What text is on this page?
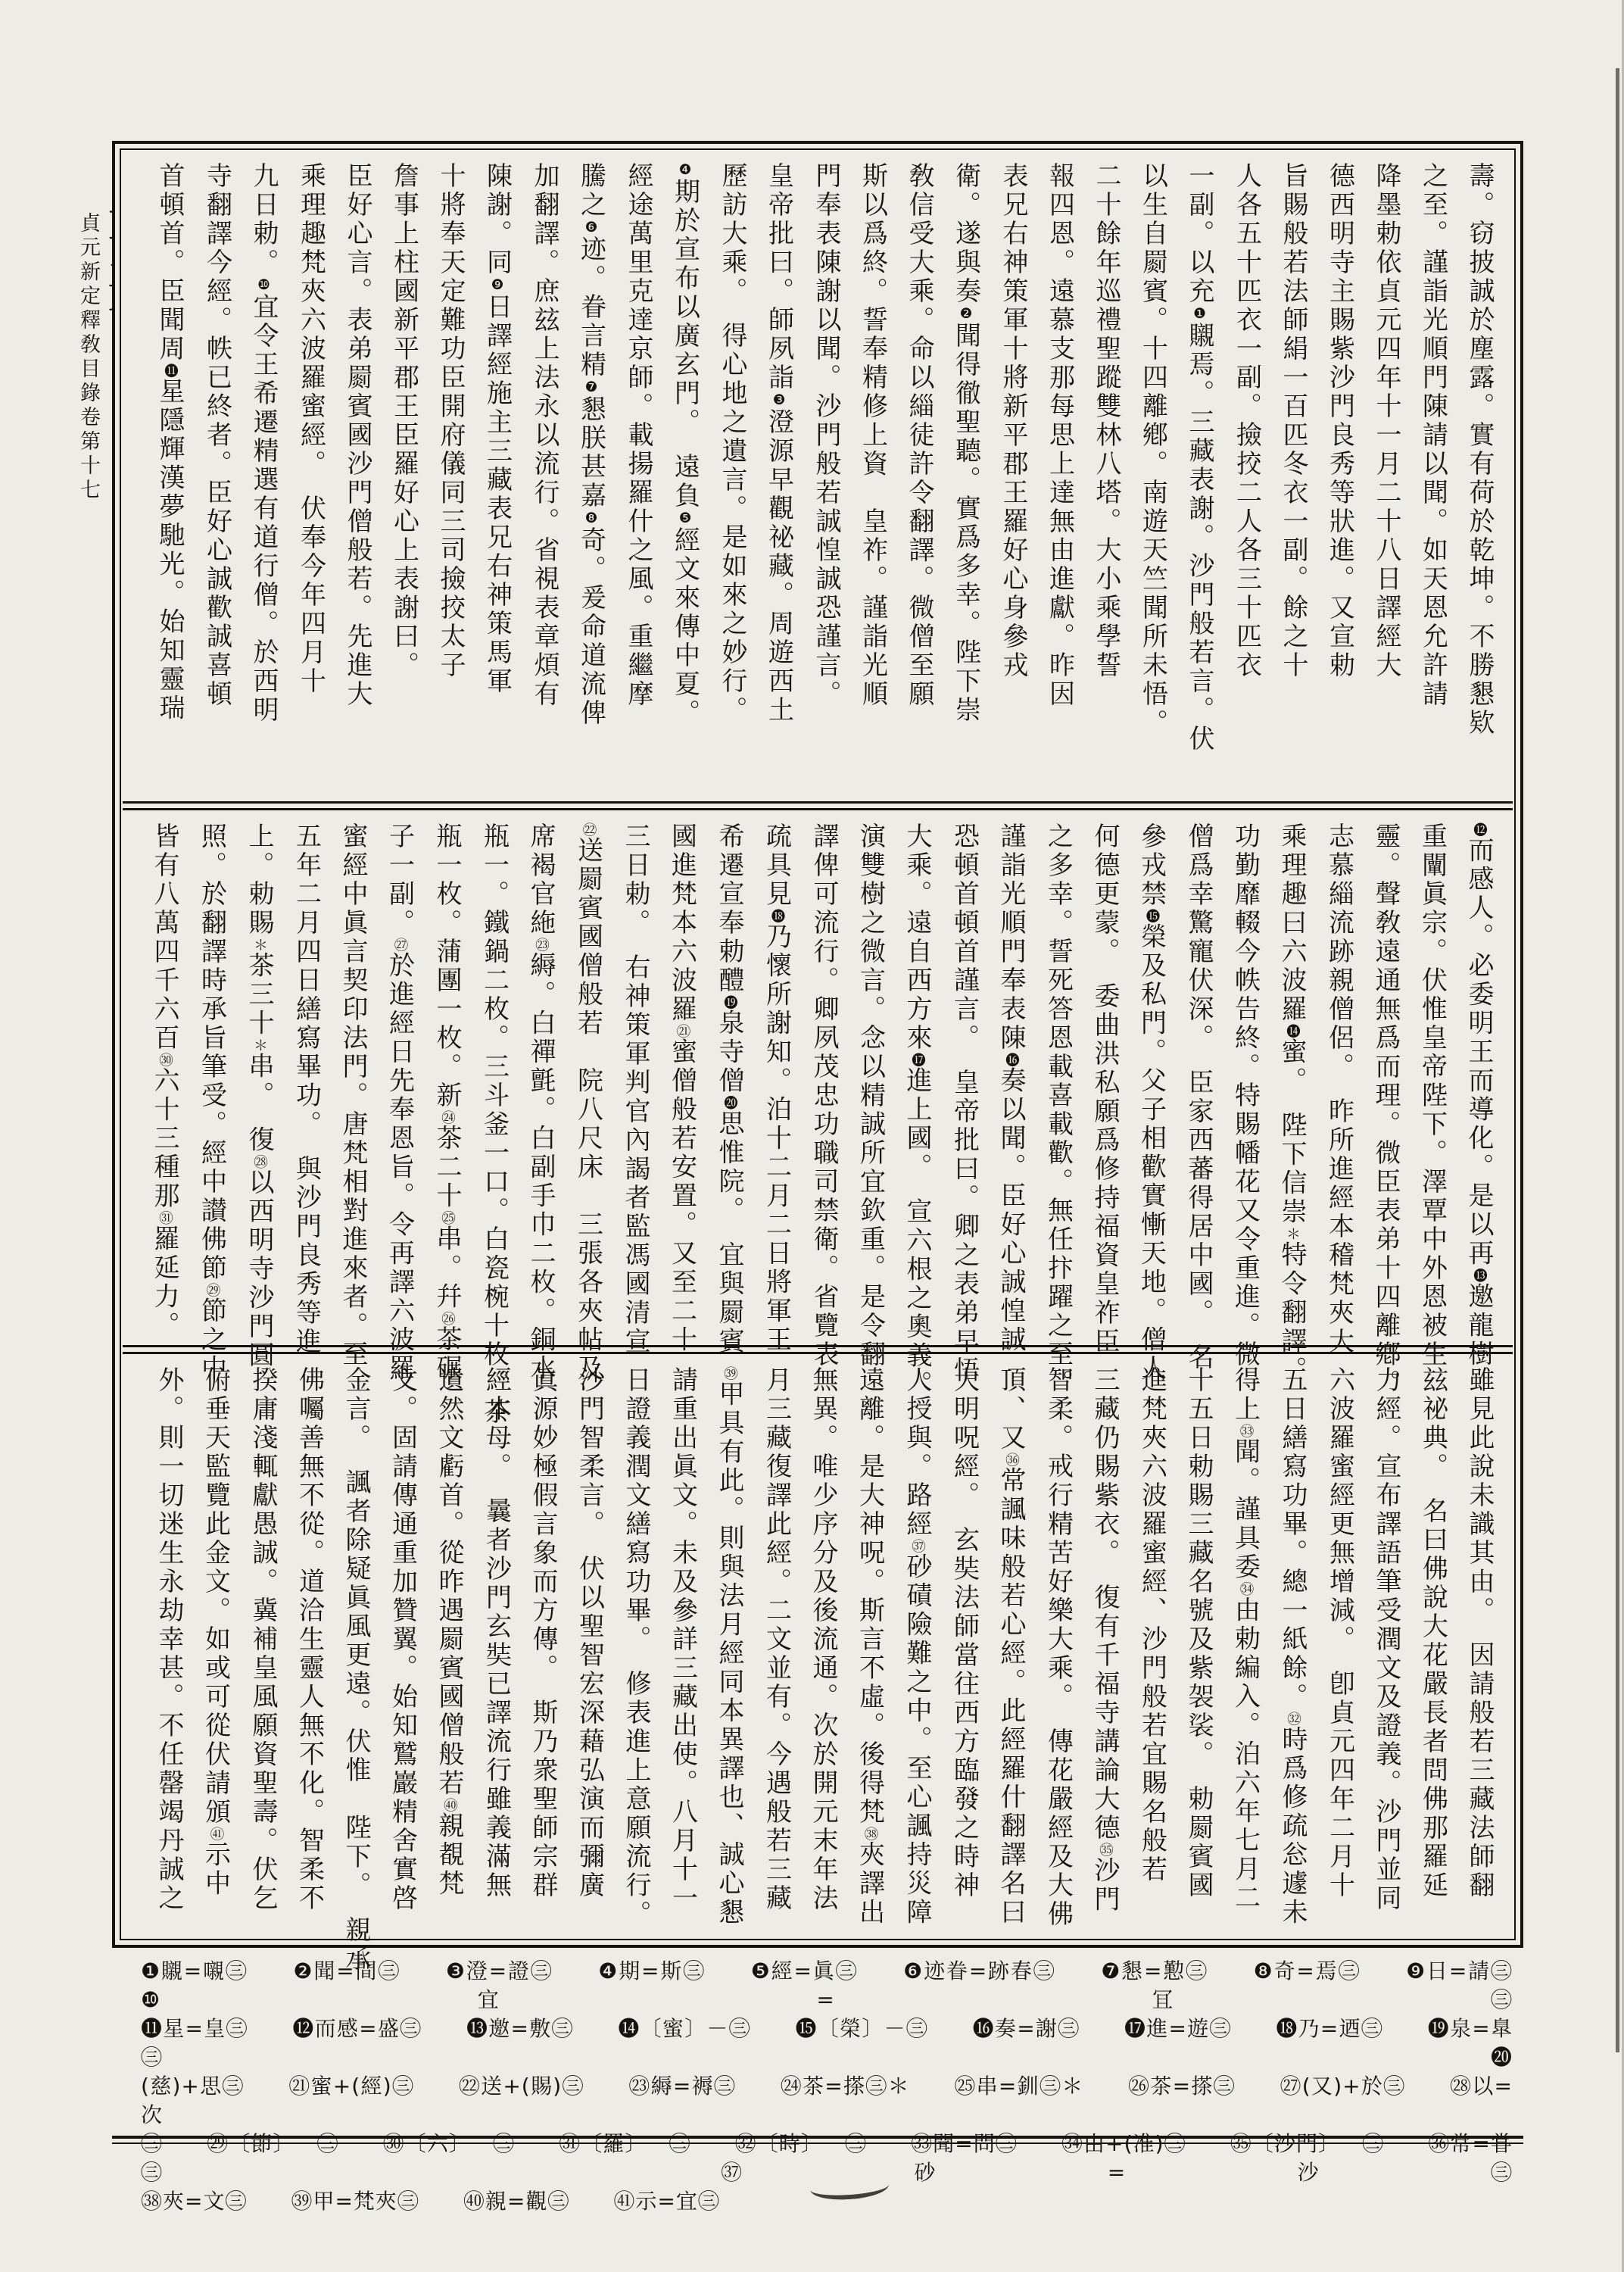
貞元新定釋敎目錄卷第十七	壽。窃披誠於塵露。實有荷於乾坤。不勝懇欵
之至。謹詣光順門陳請以聞。如天恩允許請
降墨勅依貞元四年十一月二十八日譯經大
德西明寺主賜紫沙門良秀等狀進。又宣勅
旨賜般若法師絹一百匹冬衣一副。餘之十
人各五十匹衣一副。撿挍二人各三十匹衣
一副。以充❶䞋焉。三藏表謝。沙門般若言。伏
以生自罽賓。十四離鄕。南遊天竺聞所未悟。
二十餘年巡禮聖蹤雙林八塔。大小乘學誓
報四恩。遠慕支那每思上達無由進獻。昨因
表兄右神策軍十將新平郡王羅好心身參戎
衛。遂與奏❷聞得徹聖聽。實爲多幸。陛下崇
敎信受大乘。命以緇徒許令翻譯。微僧至願
斯以爲終。誓奉精修上資　皇祚。謹詣光順
門奉表陳謝以聞。沙門般若誠惶誠恐謹言。
皇帝批曰。師夙詣❸澄源早觀祕藏。周遊西土
歷訪大乘。　得心地之遺言。是如來之妙行。
❹期於宣布以廣玄門。　遠負❺經文來傳中夏。
經途萬里克達京師。載揚羅什之風。重繼摩
騰之❻迹。眷言精❼懇朕甚嘉❽奇。爰命道流俾
加翻譯。庶玆上法永以流行。省視表章煩有
陳謝。同❾日譯經施主三藏表兄右神策馬軍
十將奉天定難功臣開府儀同三司撿挍太子
詹事上柱國新平郡王臣羅好心上表謝曰。
臣好心言。表弟罽賓國沙門僧般若。先進大
乘理趣梵夾六波羅蜜經。　伏奉今年四月十
九日勅。❿宜令王希遷精選有道行僧。於西明
寺翻譯今經。帙已終者。臣好心誠歡誠喜頓
首頓首。臣聞周⓫星隱輝漢夢馳光。始知靈瑞
⓬而感人。必委明王而導化。是以再⓭邀龍樹
重闡眞宗。伏惟皇帝陛下。澤覃中外恩被生
靈。聲敎遠通無爲而理。微臣表弟十四離鄕。
志慕緇流跡親僧侶。　昨所進經本稽梵夾大
乘理趣曰六波羅⓮蜜。　陛下信崇＊特令翻譯。
功勤靡輟今帙告終。特賜幡花又令重進。微
僧爲幸驚寵伏深。　臣家西蕃得居中國。　名
參戎禁⓯榮及私門。父子相歡實慚天地。僧人
何德更蒙。　委曲洪私願爲修持福資皇祚臣
之多幸。誓死答恩載喜載歡。無任抃躍之至。
謹詣光順門奉表陳⓰奏以聞。臣好心誠惶誠
恐頓首頓首謹言。　皇帝批曰。卿之表弟早悟
大乘。遠自西方來⓱進上國。　宣六根之奧義。
演雙樹之微言。念以精誠所宜欽重。是令翻
譯俾可流行。卿夙茂忠功職司禁衛。省覽表
疏具見⓲乃懷所謝知。泊十二月二日將軍王
希遷宣奉勅醴⓳泉寺僧⓴思惟院。　宜與罽賓
國進梵本六波羅㉑蜜僧般若安置。又至二十
三日勅。　右神策軍判官內謁者監馮國清宣
㉒送罽賓國僧般若　院八尺床　三張各夾帖及
席褐官絁㉓縟。白禪氈。白副手巾二枚。銅水
瓶一。鐵鍋二枚。三斗釜一口。白瓷椀十枚。茶
瓶一枚。蒲團一枚。新㉔茶二十㉕串。幷㉖茶碾
子一副。㉗於進經日先奉恩旨。令再譯六波羅
蜜經中眞言契印法門。唐梵相對進來者。至
五年二月四日繕寫畢功。　與沙門良秀等進
上。勅賜＊茶三十＊串。　復㉘以西明寺沙門圓
照。於翻譯時承旨筆受。經中讃佛節㉙節之中
皆有八萬四千六百㉚六十三種那㉛羅延力。
雖見此說未識其由。　因請般若三藏法師翻
玆祕典。　名曰佛說大花嚴長者問佛那羅延
力經。宣布譯語筆受潤文及證義。沙門並同
六波羅蜜經更無增減。　卽貞元四年二月十
五日繕寫功畢。總一紙餘。㉜時爲修疏忩遽未
得上㉝聞。謹具委㉞由勅編入。泊六年七月二
十五日勅賜三藏名號及紫袈裟。　勅罽賓國
進梵夾六波羅蜜經、沙門般若宜賜名般若
三藏仍賜紫衣。　復有千福寺講論大德㉟沙門
智柔。戒行精苦好樂大乘。　傳花嚴經及大佛
頂、又㊱常諷味般若心經。此經羅什翻譯名曰
大明呪經。　玄奘法師當往西方臨發之時神
人授與。路經㊲砂磧險難之中。至心諷持災障
遠離。是大神呪。斯言不虛。後得梵㊳夾譯出
無異。唯少序分及後流通。次於開元末年法
月三藏復譯此經。二文並有。今遇般若三藏
㊴甲具有此。則與法月經同本異譯也、誠心懇
請重出眞文。未及參詳三藏出使。八月十一
日證義潤文繕寫功畢。　修表進上意願流行。
沙門智柔言。　伏以聖智宏深藉弘演而彌廣
眞源妙極假言象而方傳。　斯乃衆聖師宗群
經本母。　曩者沙門玄奘已譯流行雖義滿無
遺然文虧首。從昨遇罽賓國僧般若㊵親覩梵
文。固請傳通重加贊翼。始知鷲巖精舍實啓
金言。　諷者除疑眞風更遠。伏惟　陛下。　親承
佛囑善無不從。道洽生靈人無不化。智柔不
揆庸淺輒獻愚誠。冀補皇風願資聖壽。伏乞
俯垂天監覽此金文。如或可從伏請頒㊶示中
外。則一切迷生永劫幸甚。不任罄竭丹誠之
❶䞋=嚫㊂　　❷聞=間㊂　　❸澄=證㊂　　❹期=斯㊂　　❺經=眞㊂　　❻迹眷=跡春㊂　　❼懇=懃㊂　　❽奇=焉㊂　　❾日=請㊂　　❿宜=冝㊂
⓫星=皇㊂　　⓬而感=盛㊂　　⓭邀=敷㊂　　⓮〔蜜〕－㊂　　⓯〔榮〕－㊂　　⓰奏=謝㊂　　⓱進=遊㊂　　⓲乃=迺㊂　　⓳泉=臯㊂　　⓴
(慈)+思㊂　　㉑蜜+(經)㊂　　㉒送+(賜)㊂　　㉓縟=褥㊂　　㉔茶=搽㊂＊　　㉕串=釧㊂＊　　㉖茶=搽㊂　　㉗(又)+於㊂　　㉘以=次
㊂　　㉙〔節〕－㊂　　㉚〔六〕－㊂　　㉛〔羅〕－㊂　　㉜〔時〕－㊂　　㉝聞=問㊂　　㉞由+(准)㊂　　㉟〔沙門〕－㊂　　㊱常=甞㊂　　㊲砂=沙㊂
㊳夾=文㊂　　㊴甲=梵夾㊂　　㊵親=觀㊂　　㊶示=宜㊂
